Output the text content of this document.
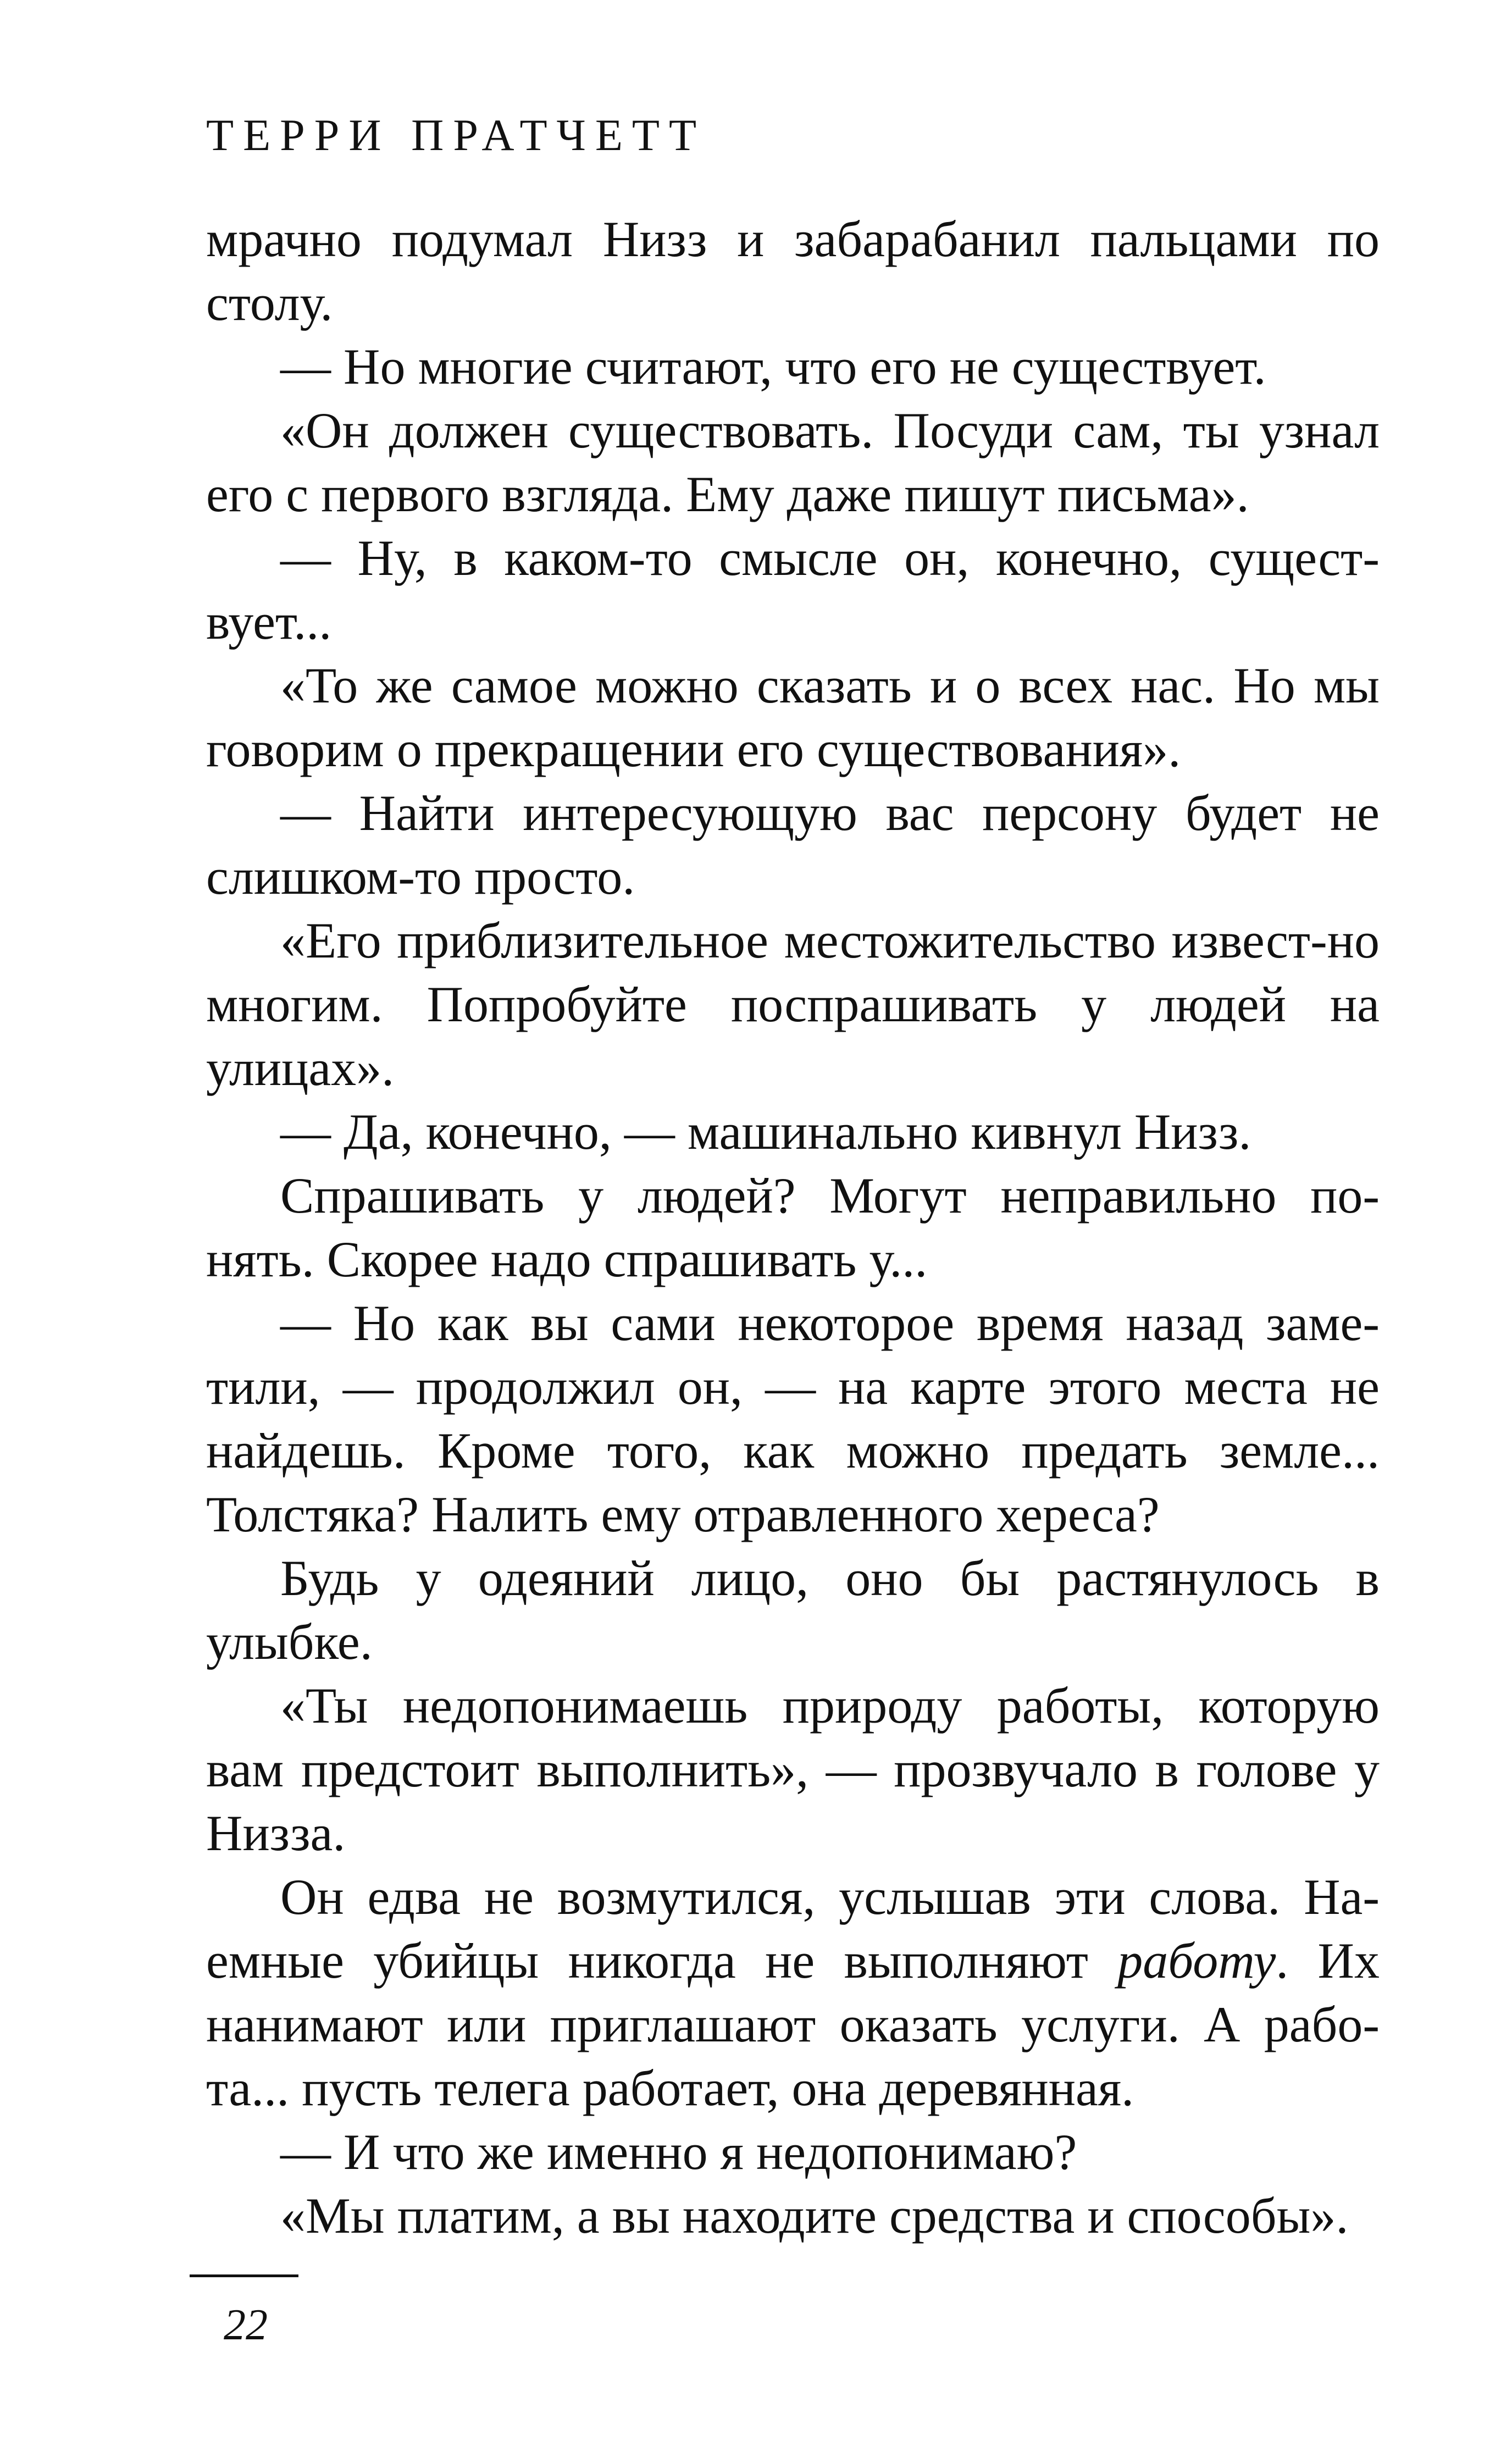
ТЕРРИ ПРАТЧЕТТ

мрачно подумал Низз и забарабанил пальцами по столу.

— Но многие считают, что его не существует.

«Он должен существовать. Посуди сам, ты узнал его с первого взгляда. Ему даже пишут письма».

— Ну, в каком-то смысле он, конечно, сущест-вует...

«То же самое можно сказать и о всех нас. Но мы говорим о прекращении его существования».

— Найти интересующую вас персону будет не слишком-то просто.

«Его приблизительное местожительство извест-но многим. Попробуйте поспрашивать у людей на улицах».

— Да, конечно, — машинально кивнул Низз.

Спрашивать у людей? Могут неправильно по-нять. Скорее надо спрашивать у...

— Но как вы сами некоторое время назад заме-тили, — продолжил он, — на карте этого места не найдешь. Кроме того, как можно предать земле... Толстяка? Налить ему отравленного хереса?

Будь у одеяний лицо, оно бы растянулось в улыбке.

«Ты недопонимаешь природу работы, которую вам предстоит выполнить», — прозвучало в голове у Низза.

Он едва не возмутился, услышав эти слова. На-емные убийцы никогда не выполняют работу. Их нанимают или приглашают оказать услуги. А рабо-та... пусть телега работает, она деревянная.

— И что же именно я недопонимаю?

«Мы платим, а вы находите средства и способы».

22
